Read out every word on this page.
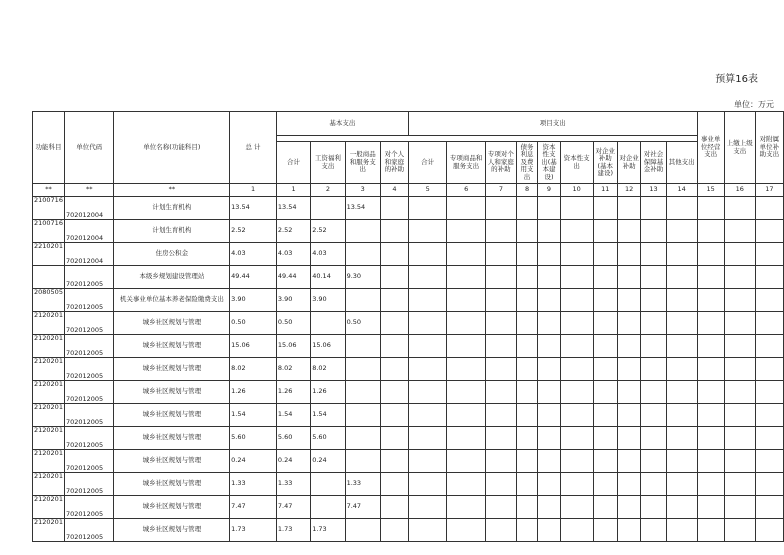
预算16表
单位：万元
功能科目	单位代码	单位名称(功能科目)	总 计	基本支出				项目支出										事业单位经营支出	上缴上级支出	对附属单位补助支出

				合计	工资福利支出	一般商品和服务支出	对个人和家庭的补助	合计	专项商品和服务支出	专项对个人和家庭的补助	债务利息及费用支出	资本性支出(基本建设)	资本性支出	对企业补助(基本建设)	对企业补助	对社会保障基金补助	其他支出			
**	**	**	1	1	2	3	4	5	6	7	8	9	10	11	12	13	14	15	16	17
2100716	702012004	计划生育机构	13.54	13.54		13.54														
2100716	702012004	计划生育机构	2.52	2.52	2.52															
2210201	702012004	住房公积金	4.03	4.03	4.03															
	702012005	本级乡规划建设管理站	49.44	49.44	40.14	9.30														
2080505	702012005	机关事业单位基本养老保险缴费支出	3.90	3.90	3.90															
2120201	702012005	城乡社区规划与管理	0.50	0.50		0.50														
2120201	702012005	城乡社区规划与管理	15.06	15.06	15.06															
2120201	702012005	城乡社区规划与管理	8.02	8.02	8.02															
2120201	702012005	城乡社区规划与管理	1.26	1.26	1.26															
2120201	702012005	城乡社区规划与管理	1.54	1.54	1.54															
2120201	702012005	城乡社区规划与管理	5.60	5.60	5.60															
2120201	702012005	城乡社区规划与管理	0.24	0.24	0.24															
2120201	702012005	城乡社区规划与管理	1.33	1.33		1.33														
2120201	702012005	城乡社区规划与管理	7.47	7.47		7.47														
2120201	702012005	城乡社区规划与管理	1.73	1.73	1.73															
